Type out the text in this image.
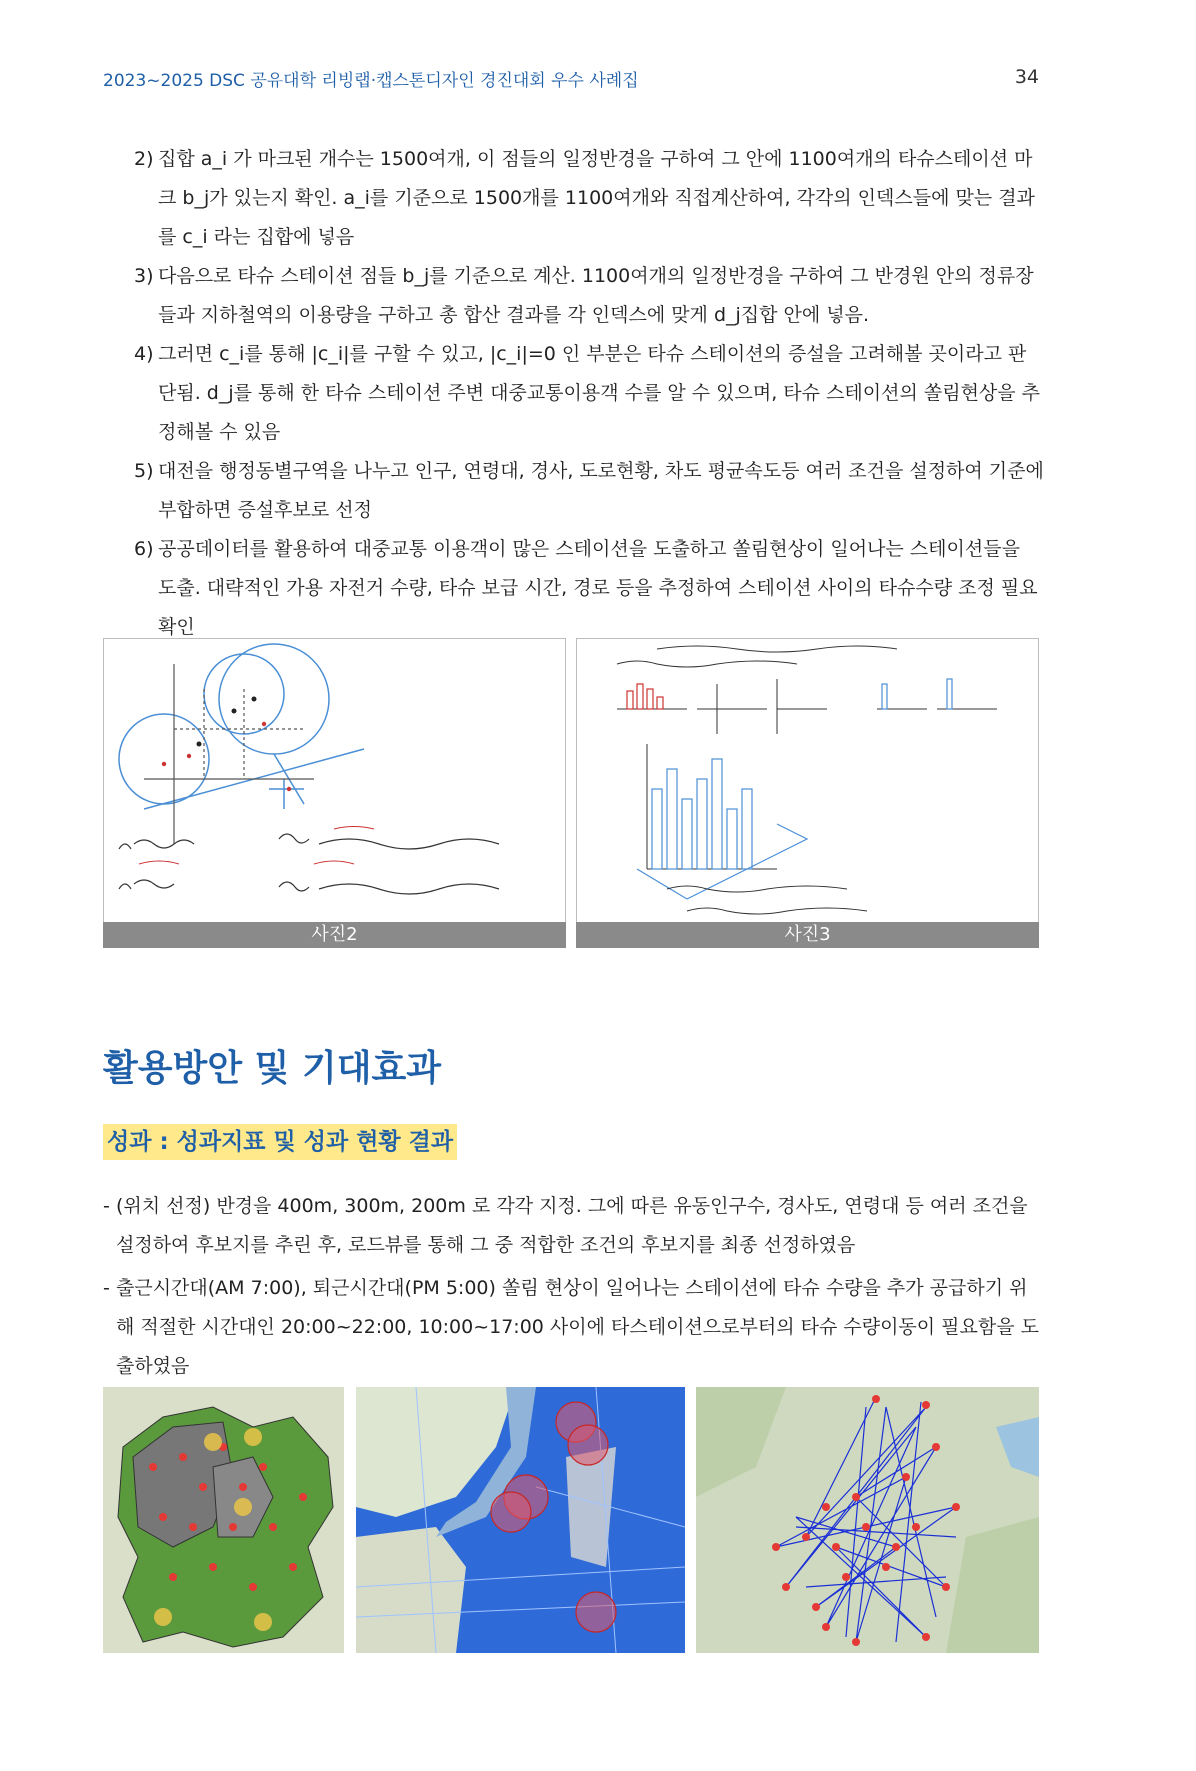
2023~2025 DSC 공유대학 리빙랩·캡스톤디자인 경진대회 우수 사례집	34
2) 집합 a_i 가 마크된 개수는 1500여개, 이 점들의 일정반경을 구하여 그 안에 1100여개의 타슈스테이션 마크 b_j가 있는지 확인. a_i를 기준으로 1500개를 1100여개와 직접계산하여, 각각의 인덱스들에 맞는 결과를 c_i 라는 집합에 넣음
3) 다음으로 타슈 스테이션 점들 b_j를 기준으로 계산. 1100여개의 일정반경을 구하여 그 반경원 안의 정류장들과 지하철역의 이용량을 구하고 총 합산 결과를 각 인덱스에 맞게 d_j집합 안에 넣음.
4) 그러면 c_i를 통해 |c_i|를 구할 수 있고, |c_i|=0 인 부분은 타슈 스테이션의 증설을 고려해볼 곳이라고 판단됨. d_j를 통해 한 타슈 스테이션 주변 대중교통이용객 수를 알 수 있으며, 타슈 스테이션의 쏠림현상을 추정해볼 수 있음
5) 대전을 행정동별구역을 나누고 인구, 연령대, 경사, 도로현황, 차도 평균속도등 여러 조건을 설정하여 기준에 부합하면 증설후보로 선정
6) 공공데이터를 활용하여 대중교통 이용객이 많은 스테이션을 도출하고 쏠림현상이 일어나는 스테이션들을 도출. 대략적인 가용 자전거 수량, 타슈 보급 시간, 경로 등을 추정하여 스테이션 사이의 타슈수량 조정 필요 확인
사진2	사진3
활용방안 및 기대효과
성과 : 성과지표 및 성과 현황 결과
- (위치 선정) 반경을 400m, 300m, 200m 로 각각 지정. 그에 따른 유동인구수, 경사도, 연령대 등 여러 조건을 설정하여 후보지를 추린 후, 로드뷰를 통해 그 중 적합한 조건의 후보지를 최종 선정하였음
- 출근시간대(AM 7:00), 퇴근시간대(PM 5:00) 쏠림 현상이 일어나는 스테이션에 타슈 수량을 추가 공급하기 위해 적절한 시간대인 20:00~22:00, 10:00~17:00 사이에 타스테이션으로부터의 타슈 수량이동이 필요함을 도출하였음
